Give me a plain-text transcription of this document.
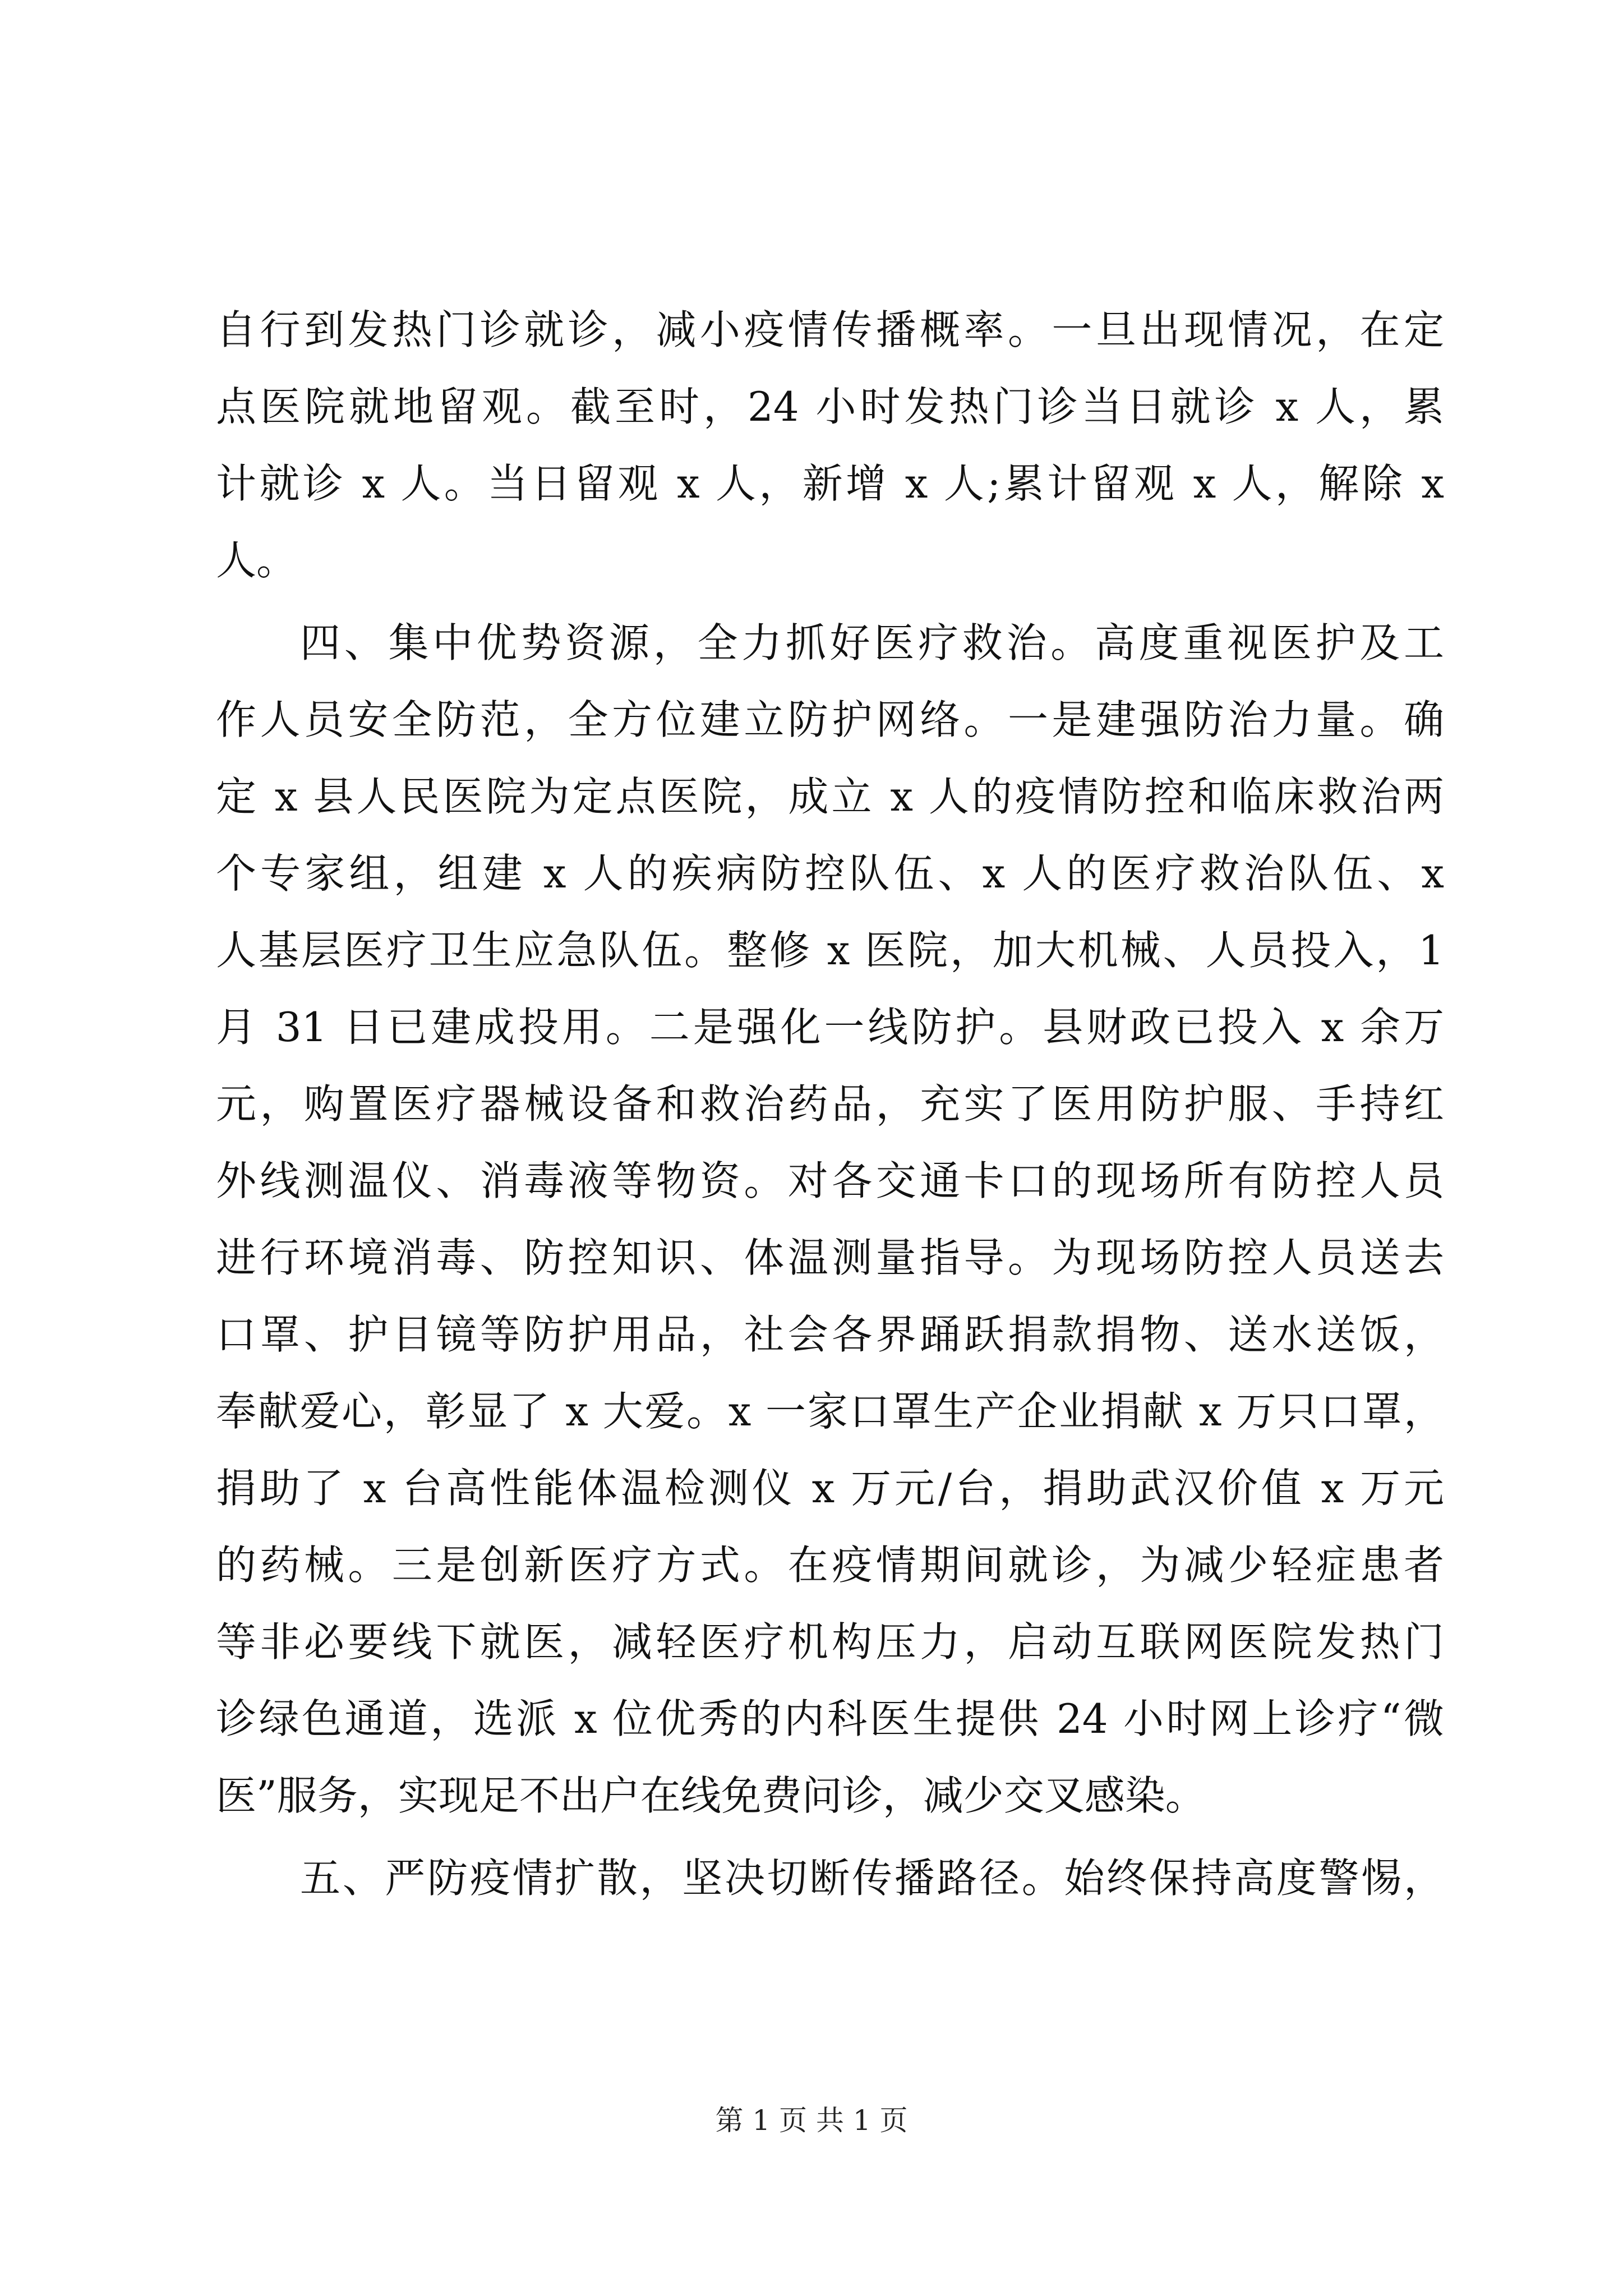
自行到发热门诊就诊，减小疫情传播概率。一旦出现情况，在定
点医院就地留观。截至时，24 小时发热门诊当日就诊 x 人，累
计就诊 x 人。当日留观 x 人，新增 x 人;累计留观 x 人，解除 x
人。
四、集中优势资源，全力抓好医疗救治。高度重视医护及工
作人员安全防范，全方位建立防护网络。一是建强防治力量。确
定 x 县人民医院为定点医院，成立 x 人的疫情防控和临床救治两
个专家组，组建 x 人的疾病防控队伍、x 人的医疗救治队伍、x
人基层医疗卫生应急队伍。整修 x 医院，加大机械、人员投入，1
月 31 日已建成投用。二是强化一线防护。县财政已投入 x 余万
元，购置医疗器械设备和救治药品，充实了医用防护服、手持红
外线测温仪、消毒液等物资。对各交通卡口的现场所有防控人员
进行环境消毒、防控知识、体温测量指导。为现场防控人员送去
口罩、护目镜等防护用品，社会各界踊跃捐款捐物、送水送饭，
奉献爱心，彰显了 x 大爱。x 一家口罩生产企业捐献 x 万只口罩，
捐助了 x 台高性能体温检测仪 x 万元/台，捐助武汉价值 x 万元
的药械。三是创新医疗方式。在疫情期间就诊，为减少轻症患者
等非必要线下就医，减轻医疗机构压力，启动互联网医院发热门
诊绿色通道，选派 x 位优秀的内科医生提供 24 小时网上诊疗“微
医”服务，实现足不出户在线免费问诊，减少交叉感染。
五、严防疫情扩散，坚决切断传播路径。始终保持高度警惕，
第 1 页 共 1 页
